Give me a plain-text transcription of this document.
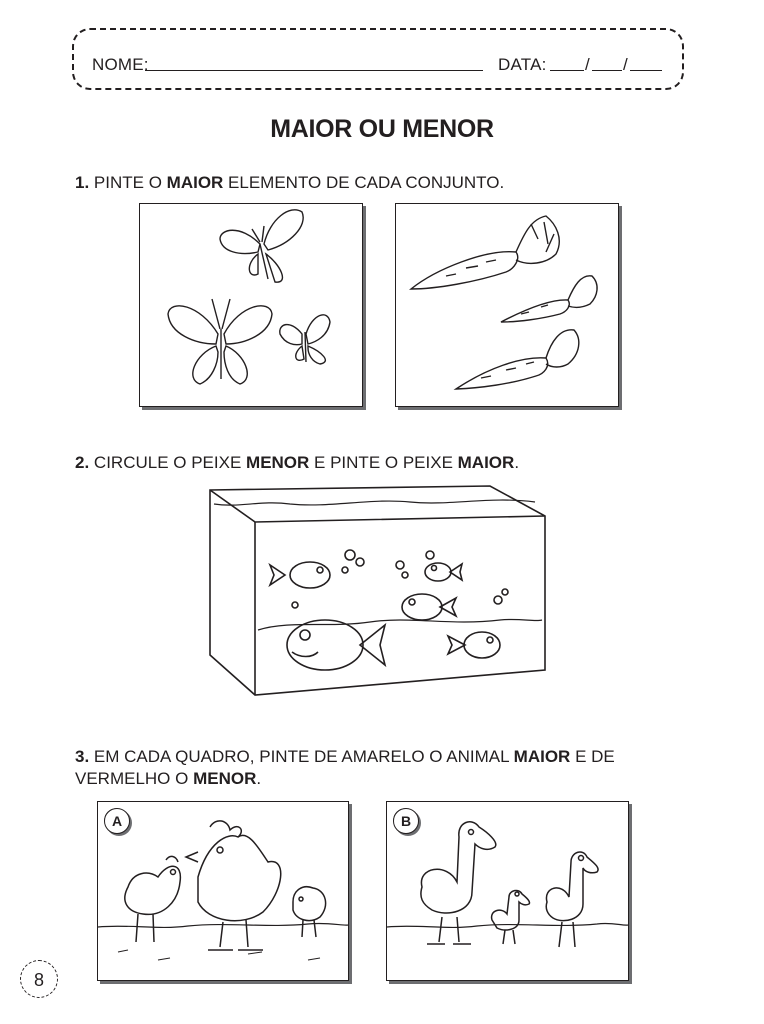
NOME:	DATA: / /
MAIOR OU MENOR
1. PINTE O MAIOR ELEMENTO DE CADA CONJUNTO.
2. CIRCULE O PEIXE MENOR E PINTE O PEIXE MAIOR.
3. EM CADA QUADRO, PINTE DE AMARELO O ANIMAL MAIOR E DE VERMELHO O MENOR.
A	B
8
